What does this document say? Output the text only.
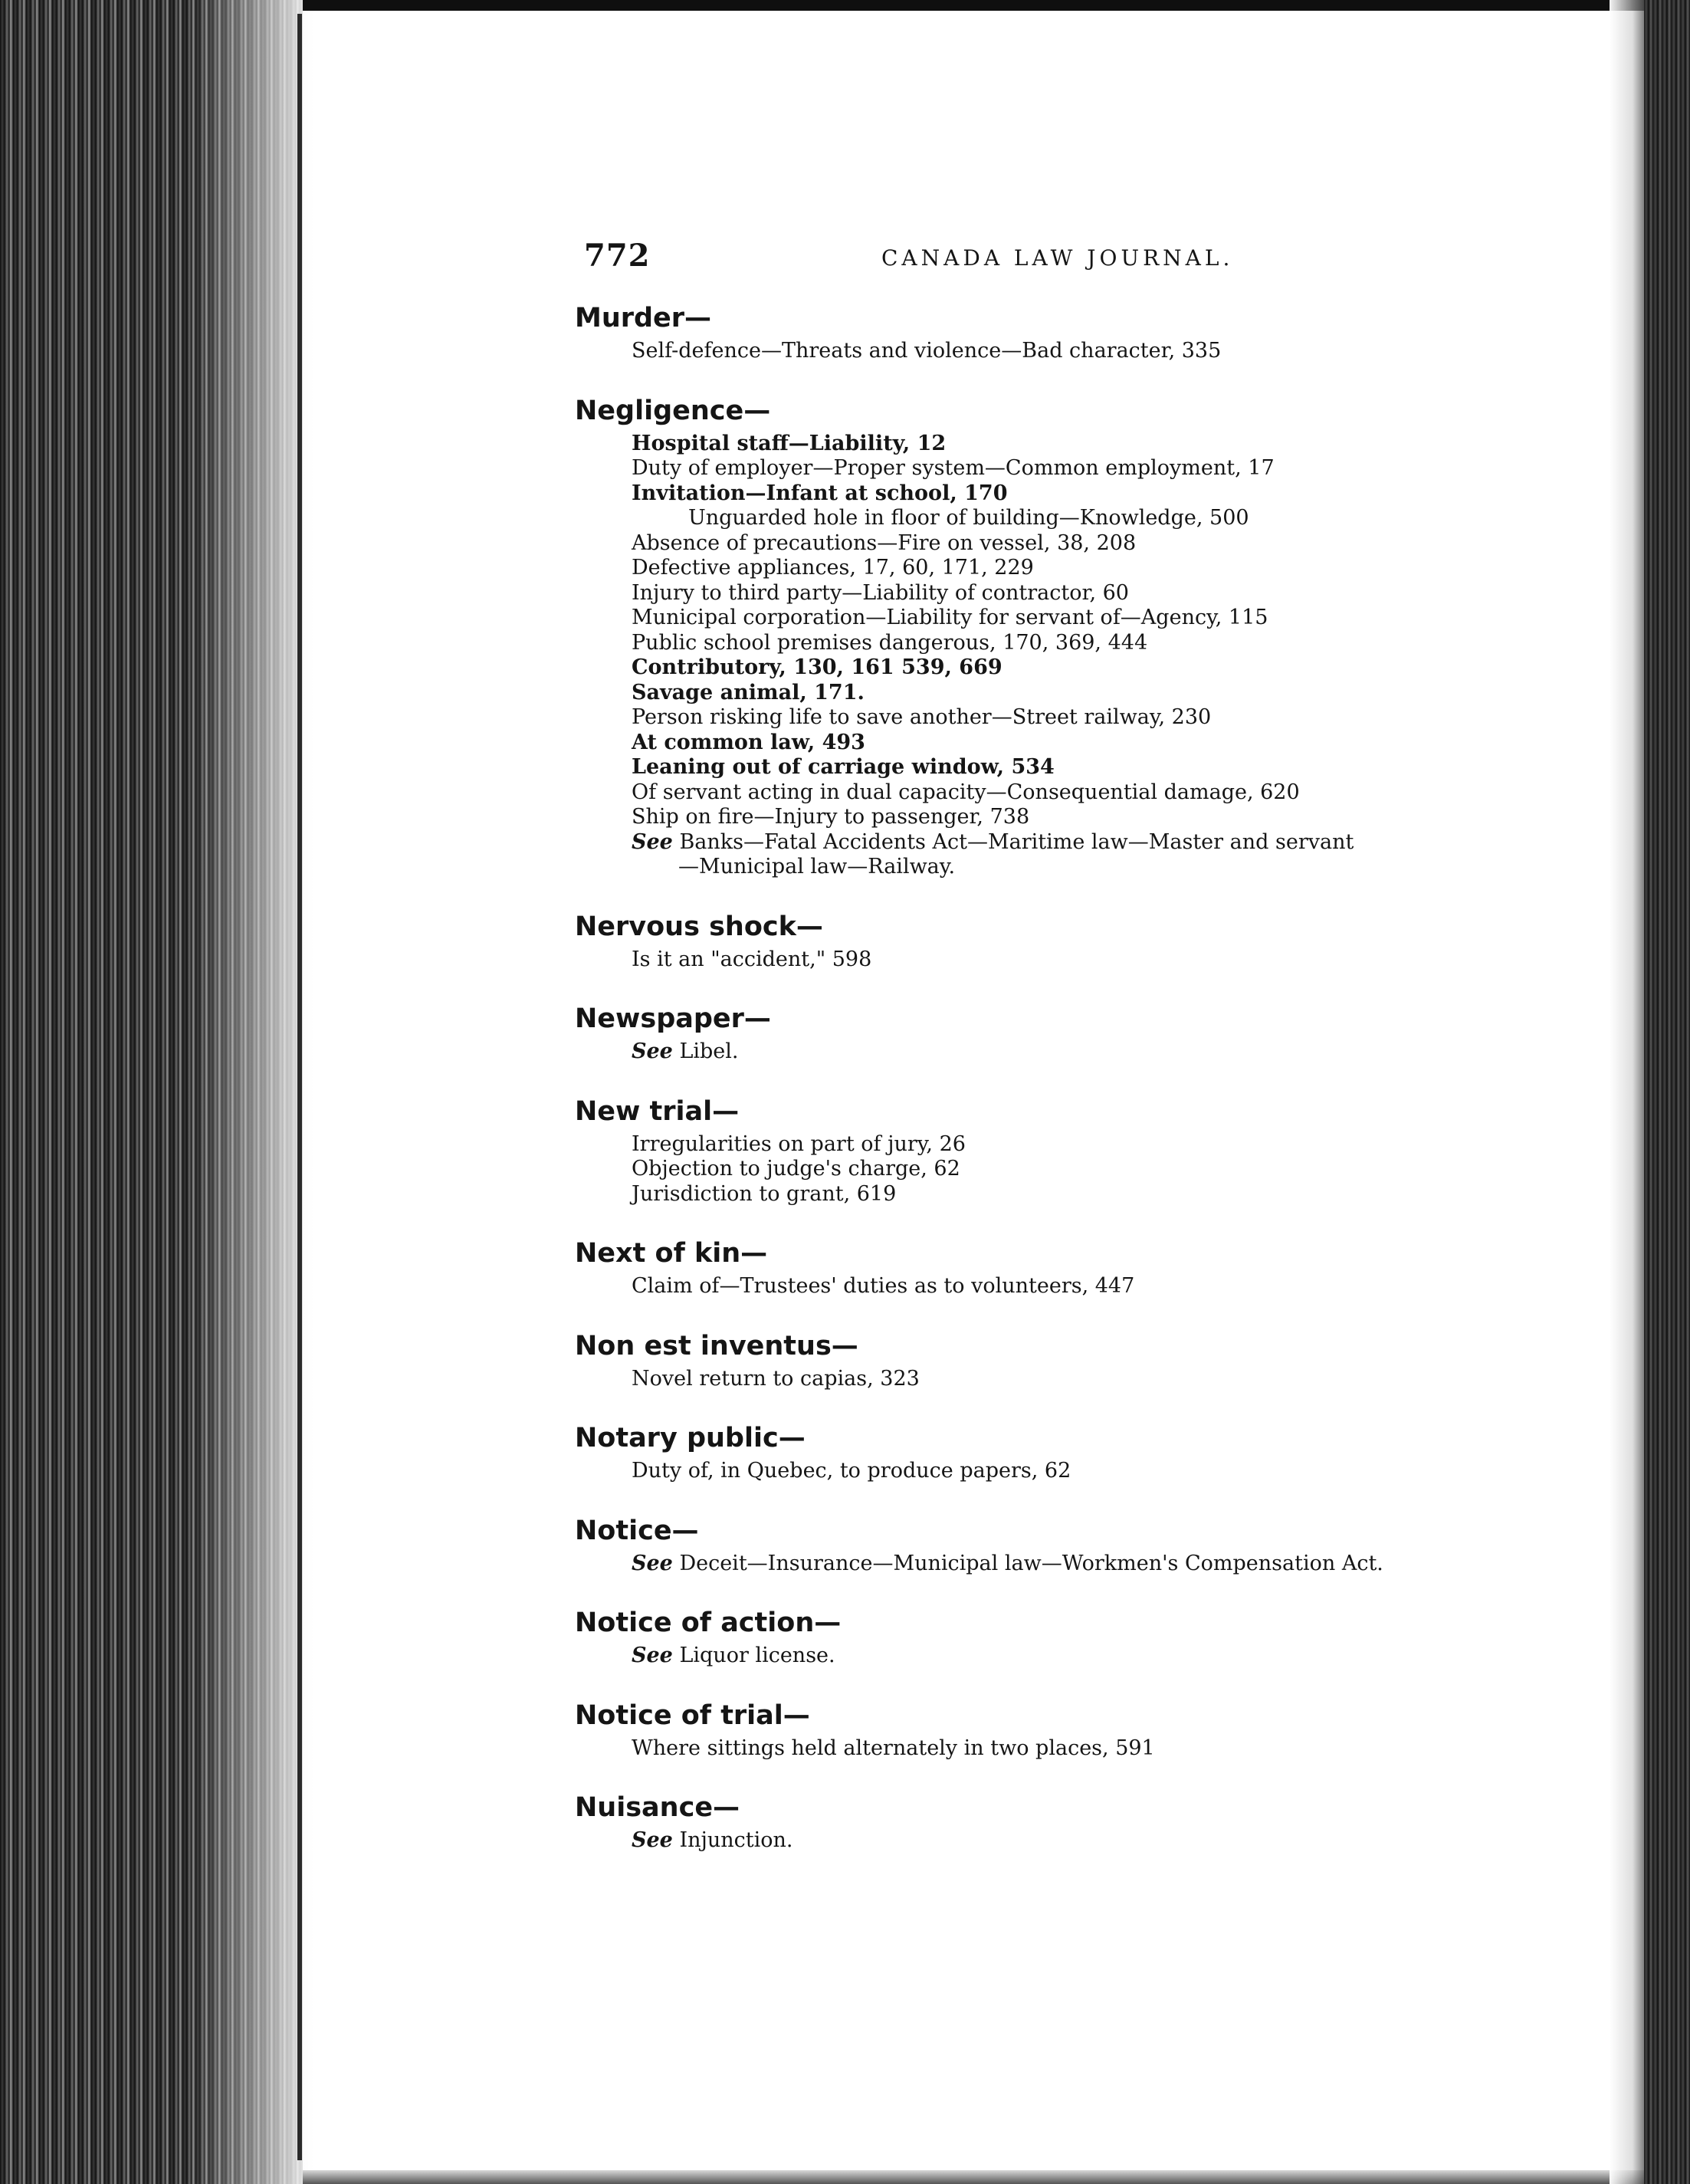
772	CANADA LAW JOURNAL.
Murder—
Self-defence—Threats and violence—Bad character, 335
Negligence—
Hospital staff—Liability, 12
Duty of employer—Proper system—Common employment, 17
Invitation—Infant at school, 170
Unguarded hole in floor of building—Knowledge, 500
Absence of precautions—Fire on vessel, 38, 208
Defective appliances, 17, 60, 171, 229
Injury to third party—Liability of contractor, 60
Municipal corporation—Liability for servant of—Agency, 115
Public school premises dangerous, 170, 369, 444
Contributory, 130, 161 539, 669
Savage animal, 171.
Person risking life to save another—Street railway, 230
At common law, 493
Leaning out of carriage window, 534
Of servant acting in dual capacity—Consequential damage, 620
Ship on fire—Injury to passenger, 738
See Banks—Fatal Accidents Act—Maritime law—Master and servant
—Municipal law—Railway.
Nervous shock—
Is it an "accident," 598
Newspaper—
See Libel.
New trial—
Irregularities on part of jury, 26
Objection to judge's charge, 62
Jurisdiction to grant, 619
Next of kin—
Claim of—Trustees' duties as to volunteers, 447
Non est inventus—
Novel return to capias, 323
Notary public—
Duty of, in Quebec, to produce papers, 62
Notice—
See Deceit—Insurance—Municipal law—Workmen's Compensation Act.
Notice of action—
See Liquor license.
Notice of trial—
Where sittings held alternately in two places, 591
Nuisance—
See Injunction.
